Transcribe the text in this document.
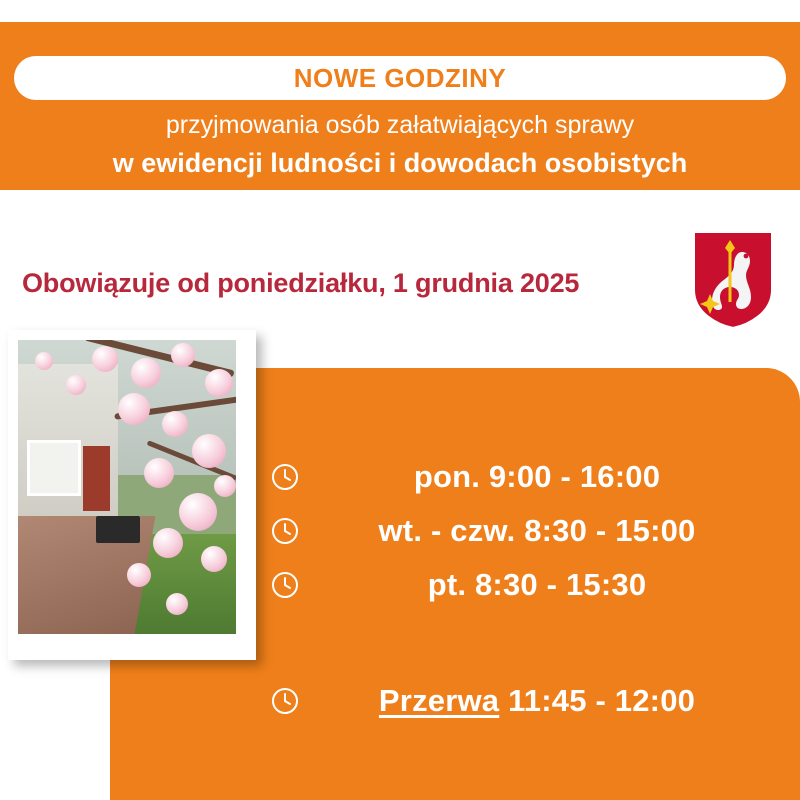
NOWE GODZINY
przyjmowania osób załatwiających sprawy
w ewidencji ludności i dowodach osobistych
Obowiązuje od poniedziałku, 1 grudnia 2025
pon. 9:00 - 16:00
wt. - czw. 8:30 - 15:00
pt. 8:30 - 15:30
Przerwa 11:45 - 12:00
